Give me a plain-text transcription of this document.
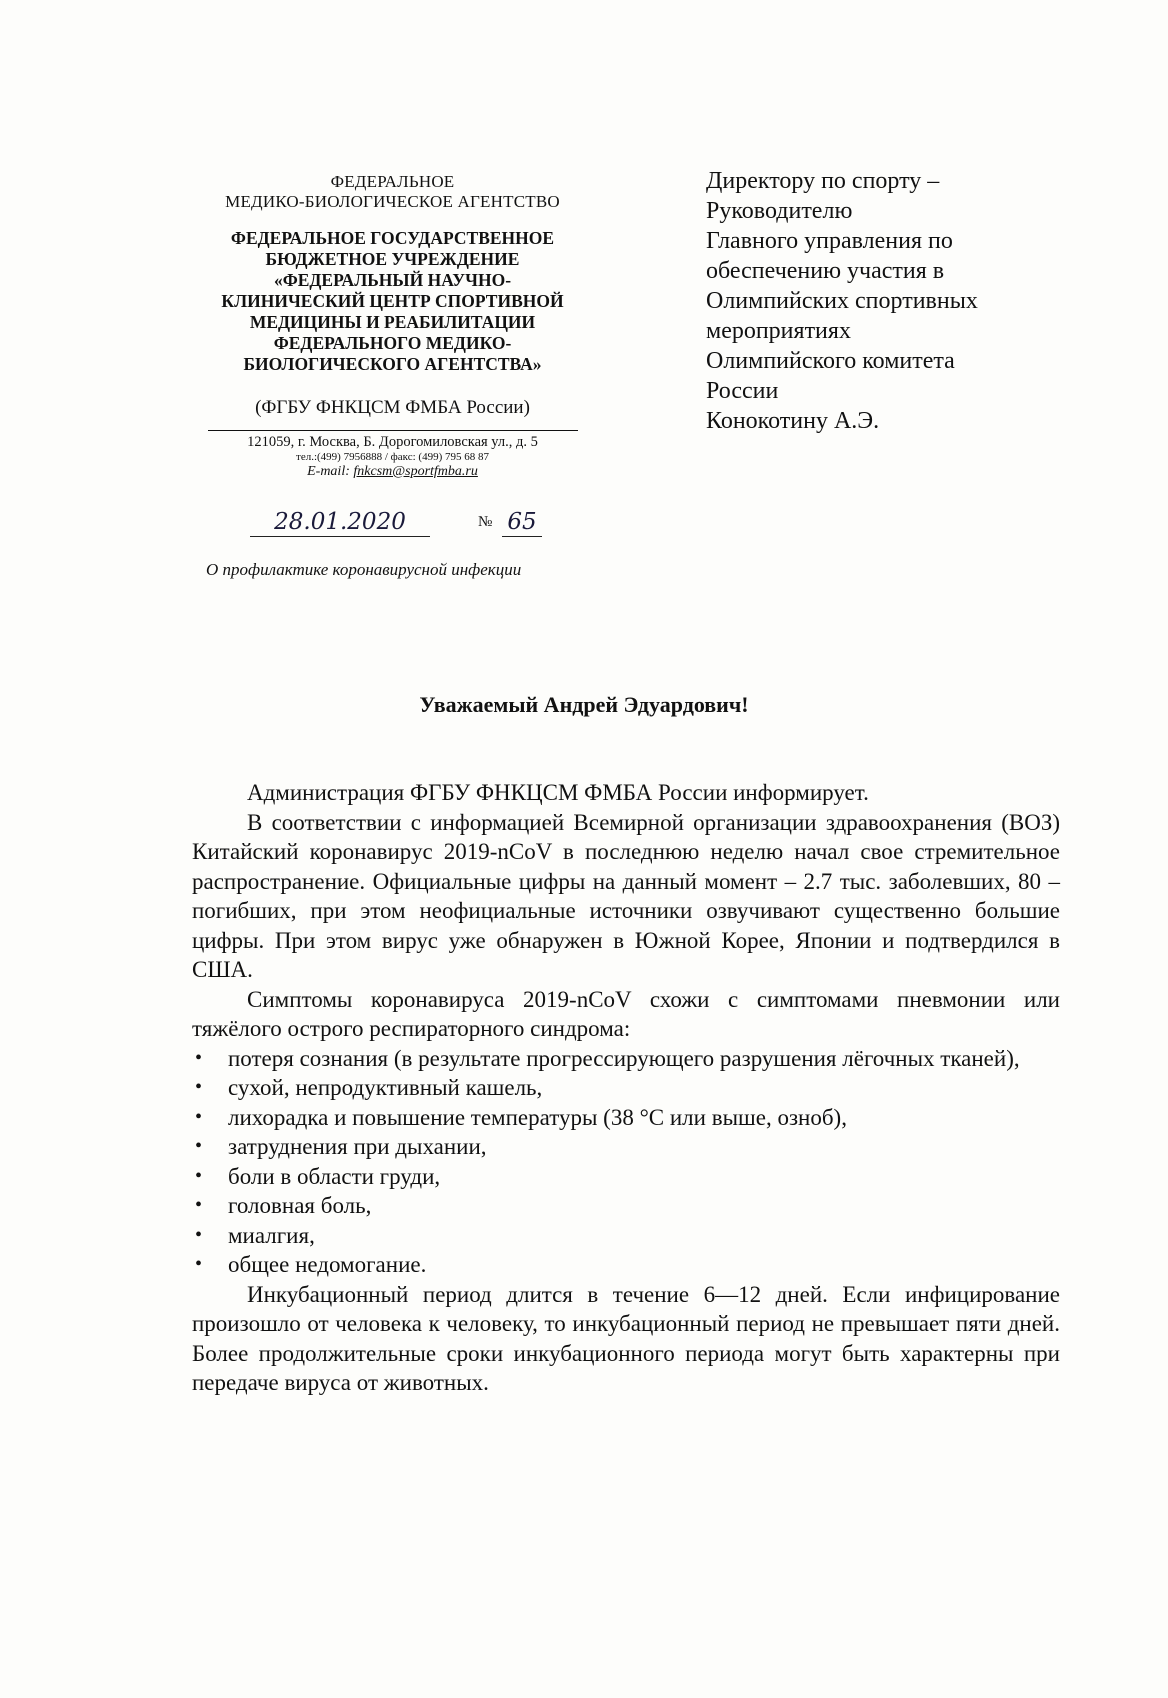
ФЕДЕРАЛЬНОЕ
МЕДИКО-БИОЛОГИЧЕСКОЕ АГЕНТСТВО
ФЕДЕРАЛЬНОЕ ГОСУДАРСТВЕННОЕ
БЮДЖЕТНОЕ УЧРЕЖДЕНИЕ
«ФЕДЕРАЛЬНЫЙ НАУЧНО-
КЛИНИЧЕСКИЙ ЦЕНТР СПОРТИВНОЙ
МЕДИЦИНЫ И РЕАБИЛИТАЦИИ
ФЕДЕРАЛЬНОГО МЕДИКО-
БИОЛОГИЧЕСКОГО АГЕНТСТВА»
(ФГБУ ФНКЦСМ ФМБА России)
121059, г. Москва, Б. Дорогомиловская ул., д. 5
тел.:(499) 7956888 / факс: (499) 795 68 87
E-mail: fnkcsm@sportfmba.ru
28.01.2020	№ 65
О профилактике коронавирусной инфекции
Директору по спорту –
Руководителю
Главного управления по
обеспечению участия в
Олимпийских спортивных
мероприятиях
Олимпийского комитета
России
Конокотину А.Э.
Уважаемый Андрей Эдуардович!

Администрация ФГБУ ФНКЦСМ ФМБА России информирует.

В соответствии с информацией Всемирной организации здравоохранения (ВОЗ) Китайский коронавирус 2019-nCoV в последнюю неделю начал свое стремительное распространение. Официальные цифры на данный момент – 2.7 тыс. заболевших, 80 – погибших, при этом неофициальные источники озвучивают существенно большие цифры. При этом вирус уже обнаружен в Южной Корее, Японии и подтвердился в США.

Симптомы коронавируса 2019-nCoV схожи с симптомами пневмонии или тяжёлого острого респираторного синдрома:

• потеря сознания (в результате прогрессирующего разрушения лёгочных тканей),
• сухой, непродуктивный кашель,
• лихорадка и повышение температуры (38 °C или выше, озноб),
• затруднения при дыхании,
• боли в области груди,
• головная боль,
• миалгия,
• общее недомогание.

Инкубационный период длится в течение 6—12 дней. Если инфицирование произошло от человека к человеку, то инкубационный период не превышает пяти дней. Более продолжительные сроки инкубационного периода могут быть характерны при передаче вируса от животных.
